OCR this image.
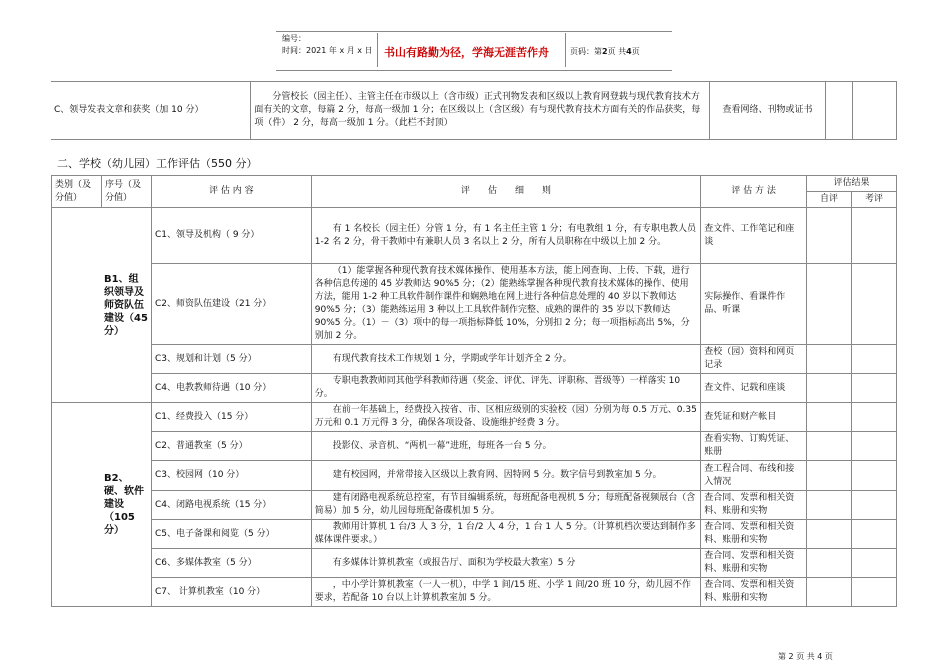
编号：
时间：2021 年 x 月 x 日 书山有路勤为径，学海无涯苦作舟	页码：第2页 共4页
C、领导发表文章和获奖（加 10 分）	分管校长（园主任）、主管主任在市级以上（含市级）正式刊物发表和区级以上教育网登载与现代教育技术方面有关的文章，每篇 2 分，每高一级加 1 分；在区级以上（含区级）有与现代教育技术方面有关的作品获奖，每项（件） 2 分，每高一级加 1 分。（此栏不封顶）	查看网络、刊物或证书		
二、学校（幼儿园）工作评估（550 分）
类别（及分值）	序号（及分值）	评 估 内 容	评　　估　　细　　则	评 估 方 法	评估结果	
					自评	考评
B1、组织领导及师资队伍建设（45 分）		C1、领导及机构（ 9 分）	有 1 名校长（园主任）分管 1 分，有 1 名主任主管 1 分；有电教组 1 分，有专职电教人员 1-2 名 2 分，骨干教师中有兼职人员 3 名以上 2 分，所有人员职称在中级以上加 2 分。	查文件、工作笔记和座谈		
		C2、师资队伍建设（21 分）	（1）能掌握各种现代教育技术媒体操作、使用基本方法，能上网查询、上传、下载，进行各种信息传递的 45 岁教师达 90%5 分；（2）能熟练掌握各种现代教育技术媒体的操作、使用方法，能用 1-2 种工具软件制作课件和娴熟地在网上进行各种信息处理的 40 岁以下教师达 90%5 分；（3）能熟练运用 3 种以上工具软件制作完整、成熟的课件的 35 岁以下教师达 90%5 分。（1）－（3）项中的每一项指标降低 10%，分别扣 2 分；每一项指标高出 5%，分别加 2 分。	实际操作、看课件作品、听课		
		C3、规划和计划（5 分）	有现代教育技术工作规划 1 分，学期或学年计划齐全 2 分。	查校（园）资料和网页记录		
		C4、电教教师待遇（10 分）	专职电教教师同其他学科教师待遇（奖金、评优、评先、评职称、晋级等）一样落实 10 分。	查文件、记载和座谈		
B2、硬、软件建设（105 分）		C1、经费投入（15 分）	在前一年基础上，经费投入按省、市、区相应级别的实验校（园）分别为每 0.5 万元、0.35 万元和 0.1 万元得 3 分，确保各项设备、设施维护经费 3 分。	查凭证和财产帐目		
		C2、普通教室（5 分）	投影仪、录音机、“两机一幕”进班，每班各一台 5 分。	查看实物、订购凭证、账册		
		C3、校园网（10 分）	建有校园网，并常带接入区级以上教育网、因特网 5 分。数字信号到教室加 5 分。	查工程合同、布线和接入情况		
		C4、闭路电视系统（15 分）	建有闭路电视系统总控室，有节目编辑系统，每班配备电视机 5 分；每班配备视频展台（含简易）加 5 分，幼儿园每班配备碟机加 5 分。	查合同、发票和相关资料、账册和实物		
		C5、电子备课和阅览（5 分）	教师用计算机 1 台/3 人 3 分，1 台/2 人 4 分，1 台 1 人 5 分。（计算机档次要达到制作多媒体课件要求。）	查合同、发票和相关资料、账册和实物		
		C6、多媒体教室（5 分）	有多媒体计算机教室（或报告厅、面积为学校最大教室）5 分	查合同、发票和相关资料、账册和实物		
		C7、 计算机教室（10 分）	，中小学计算机教室（一人一机），中学 1 间/15 班、小学 1 间/20 班 10 分，幼儿园不作要求，若配备 10 台以上计算机教室加 5 分。	查合同、发票和相关资料、账册和实物		
第 2 页 共 4 页
